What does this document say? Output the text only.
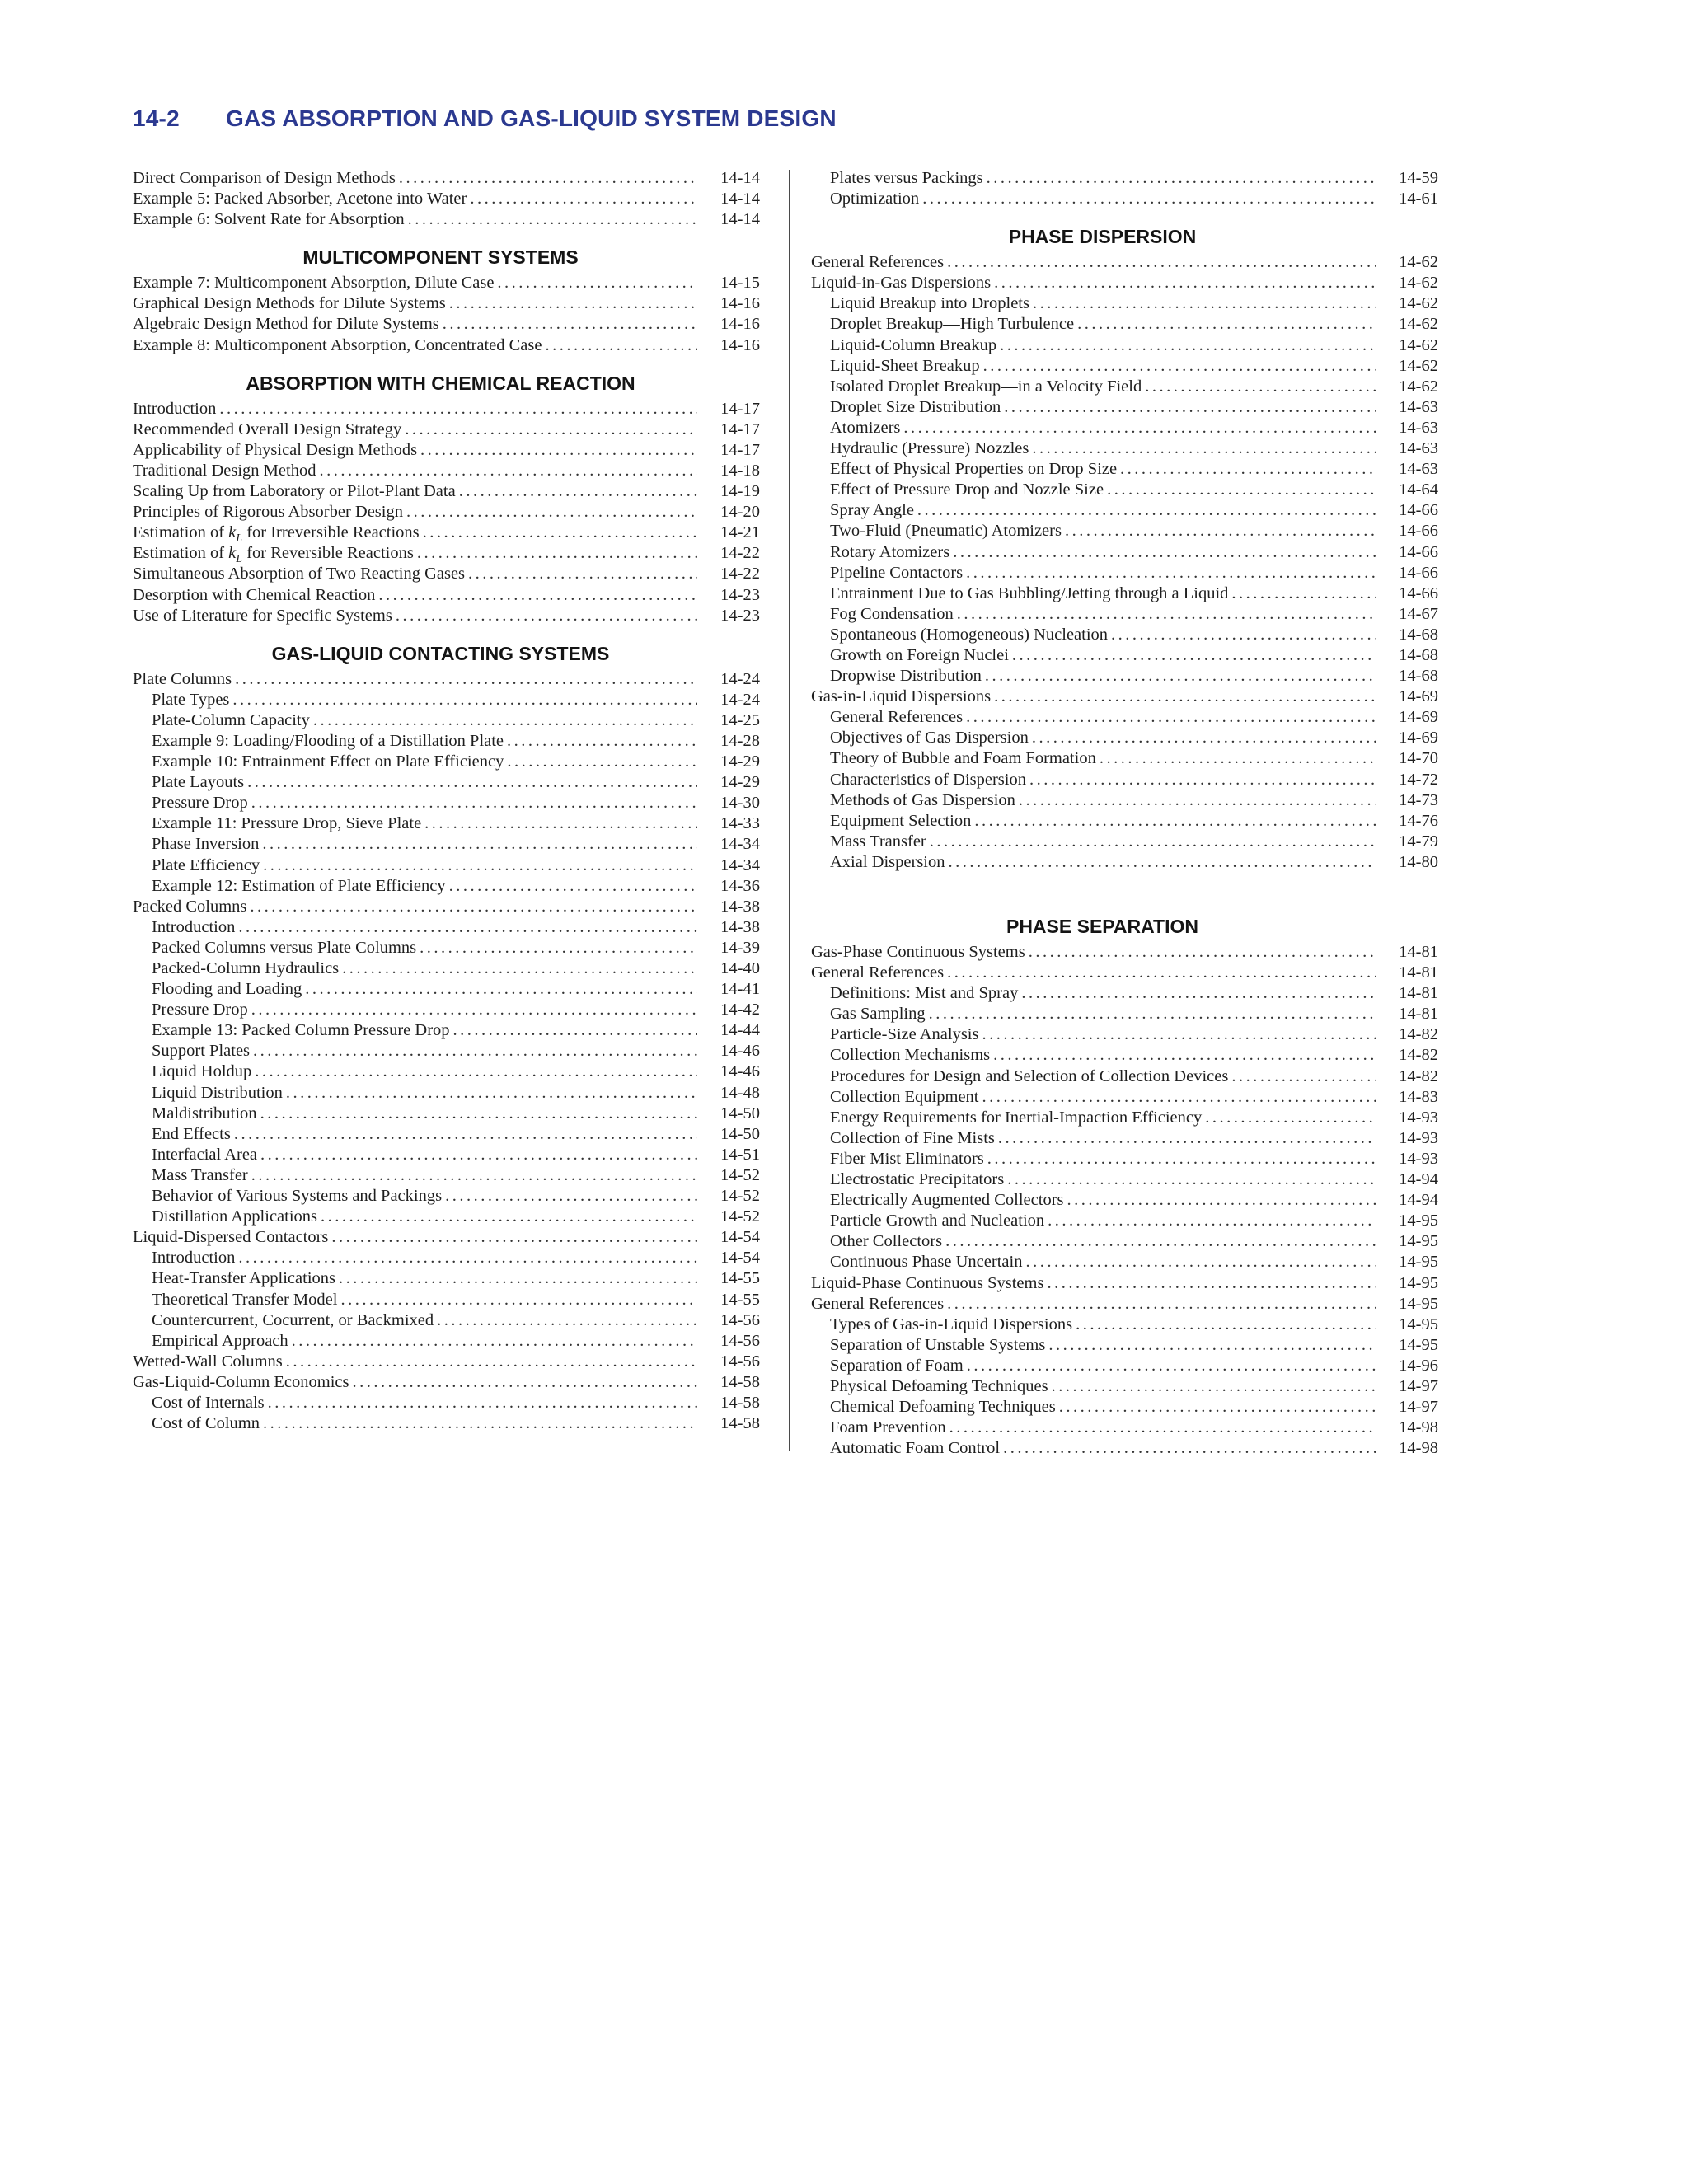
14-2 GAS ABSORPTION AND GAS-LIQUID SYSTEM DESIGN
Direct Comparison of Design Methods .....	14-14
Example 5: Packed Absorber, Acetone into Water .....	14-14
Example 6: Solvent Rate for Absorption .....	14-14
MULTICOMPONENT SYSTEMS
Example 7: Multicomponent Absorption, Dilute Case .....	14-15
Graphical Design Methods for Dilute Systems .....	14-16
Algebraic Design Method for Dilute Systems .....	14-16
Example 8: Multicomponent Absorption, Concentrated Case .....	14-16
ABSORPTION WITH CHEMICAL REACTION
Introduction .....	14-17
Recommended Overall Design Strategy .....	14-17
Applicability of Physical Design Methods .....	14-17
Traditional Design Method .....	14-18
Scaling Up from Laboratory or Pilot-Plant Data .....	14-19
Principles of Rigorous Absorber Design .....	14-20
Estimation of $k_L$ for Irreversible Reactions .....	14-21
Estimation of $k_L$ for Reversible Reactions .....	14-22
Simultaneous Absorption of Two Reacting Gases .....	14-22
Desorption with Chemical Reaction .....	14-23
Use of Literature for Specific Systems .....	14-23
GAS-LIQUID CONTACTING SYSTEMS
Plate Columns .....	14-24
Plate Types .....	14-24
Plate-Column Capacity .....	14-25
Example 9: Loading/Flooding of a Distillation Plate .....	14-28
Example 10: Entrainment Effect on Plate Efficiency .....	14-29
Plate Layouts .....	14-29
Pressure Drop .....	14-30
Example 11: Pressure Drop, Sieve Plate .....	14-33
Phase Inversion .....	14-34
Plate Efficiency .....	14-34
Example 12: Estimation of Plate Efficiency .....	14-36
Packed Columns .....	14-38
Introduction .....	14-38
Packed Columns versus Plate Columns .....	14-39
Packed-Column Hydraulics .....	14-40
Flooding and Loading .....	14-41
Pressure Drop .....	14-42
Example 13: Packed Column Pressure Drop .....	14-44
Support Plates .....	14-46
Liquid Holdup .....	14-46
Liquid Distribution .....	14-48
Maldistribution .....	14-50
End Effects .....	14-50
Interfacial Area .....	14-51
Mass Transfer .....	14-52
Behavior of Various Systems and Packings .....	14-52
Distillation Applications .....	14-52
Liquid-Dispersed Contactors .....	14-54
Introduction .....	14-54
Heat-Transfer Applications .....	14-55
Theoretical Transfer Model .....	14-55
Countercurrent, Cocurrent, or Backmixed .....	14-56
Empirical Approach .....	14-56
Wetted-Wall Columns .....	14-56
Gas-Liquid-Column Economics .....	14-58
Cost of Internals .....	14-58
Cost of Column .....	14-58
Plates versus Packings .....	14-59
Optimization .....	14-61
PHASE DISPERSION
General References .....	14-62
Liquid-in-Gas Dispersions .....	14-62
Liquid Breakup into Droplets .....	14-62
Droplet Breakup—High Turbulence .....	14-62
Liquid-Column Breakup .....	14-62
Liquid-Sheet Breakup .....	14-62
Isolated Droplet Breakup—in a Velocity Field .....	14-62
Droplet Size Distribution .....	14-63
Atomizers .....	14-63
Hydraulic (Pressure) Nozzles .....	14-63
Effect of Physical Properties on Drop Size .....	14-63
Effect of Pressure Drop and Nozzle Size .....	14-64
Spray Angle .....	14-66
Two-Fluid (Pneumatic) Atomizers .....	14-66
Rotary Atomizers .....	14-66
Pipeline Contactors .....	14-66
Entrainment Due to Gas Bubbling/Jetting through a Liquid .....	14-66
Fog Condensation .....	14-67
Spontaneous (Homogeneous) Nucleation .....	14-68
Growth on Foreign Nuclei .....	14-68
Dropwise Distribution .....	14-68
Gas-in-Liquid Dispersions .....	14-69
General References .....	14-69
Objectives of Gas Dispersion .....	14-69
Theory of Bubble and Foam Formation .....	14-70
Characteristics of Dispersion .....	14-72
Methods of Gas Dispersion .....	14-73
Equipment Selection .....	14-76
Mass Transfer .....	14-79
Axial Dispersion .....	14-80
PHASE SEPARATION
Gas-Phase Continuous Systems .....	14-81
General References .....	14-81
Definitions: Mist and Spray .....	14-81
Gas Sampling .....	14-81
Particle-Size Analysis .....	14-82
Collection Mechanisms .....	14-82
Procedures for Design and Selection of Collection Devices .....	14-82
Collection Equipment .....	14-83
Energy Requirements for Inertial-Impaction Efficiency .....	14-93
Collection of Fine Mists .....	14-93
Fiber Mist Eliminators .....	14-93
Electrostatic Precipitators .....	14-94
Electrically Augmented Collectors .....	14-94
Particle Growth and Nucleation .....	14-95
Other Collectors .....	14-95
Continuous Phase Uncertain .....	14-95
Liquid-Phase Continuous Systems .....	14-95
General References .....	14-95
Types of Gas-in-Liquid Dispersions .....	14-95
Separation of Unstable Systems .....	14-95
Separation of Foam .....	14-96
Physical Defoaming Techniques .....	14-97
Chemical Defoaming Techniques .....	14-97
Foam Prevention .....	14-98
Automatic Foam Control .....	14-98
